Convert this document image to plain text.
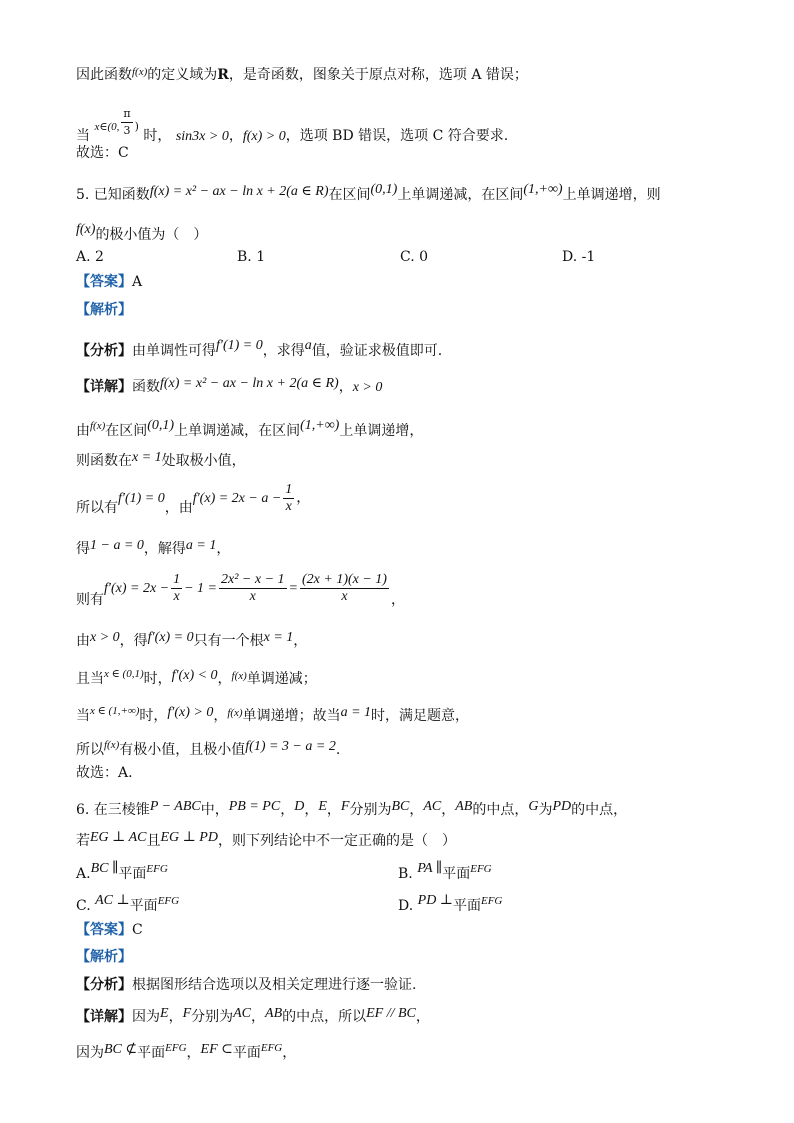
因此函数$^{f(x)}$的定义域为R，是奇函数，图象关于原点对称，选项 A 错误；
当 $^{x\in(0,} \frac{\pi}{3} ^)$ 时， sin3x > 0，f(x) > 0，选项 BD 错误，选项 C 符合要求.
故选：C
5. 已知函数f(x) = x² − ax − ln x + 2(a ∈ R)在区间(0,1)上单调递减，在区间(1,+∞)上单调递增，则
f(x)的极小值为（　）
A. 2	B. 1	C. 0	D. -1
【答案】A
【解析】
【分析】由单调性可得f′(1) = 0，求得a值，验证求极值即可.
【详解】函数f(x) = x² − ax − ln x + 2(a ∈ R)，x > 0
由$^{f(x)}$在区间(0,1)上单调递减，在区间(1,+∞)上单调递增，
则函数在x = 1处取极小值，
所以有f′(1) = 0，由$f'(x) = 2x - a - \frac{1}{x}$ ，
得1 − a = 0，解得a = 1，
则有$f'(x) = 2x - \frac{1}{x} - 1 = \frac{\text{2x² − x − 1}}{x} = \frac{(2x + 1)(x - 1)}{x}$ ，
由x > 0，得f′(x) = 0只有一个根x = 1，
且当$^{x \in (0,1)}$时，f′(x) < 0，$^{f(x)}$单调递减；
当$^{x \in (1,+\infty)}$时，f′(x) > 0，$^{f(x)}$单调递增；故当a = 1时，满足题意，
所以$^{f(x)}$有极小值，且极小值f(1) = 3 − a = 2.
故选：A.
6. 在三棱锥P − ABC中，PB = PC，D，E，F分别为BC，AC，AB的中点，G为PD的中点，
若EG ⊥ AC且EG ⊥ PD，则下列结论中不一定正确的是（　）
A.BC ∥平面$^{EFG}$	B. PA ∥平面$^{EFG}$
C. AC ⊥平面$^{EFG}$	D. PD ⊥平面$^{EFG}$
【答案】C
【解析】
【分析】根据图形结合选项以及相关定理进行逐一验证.
【详解】因为E，F分别为AC，AB的中点，所以EF // BC，
因为BC ⊄平面$^{EFG}$，EF ⊂平面$^{EFG}$，
